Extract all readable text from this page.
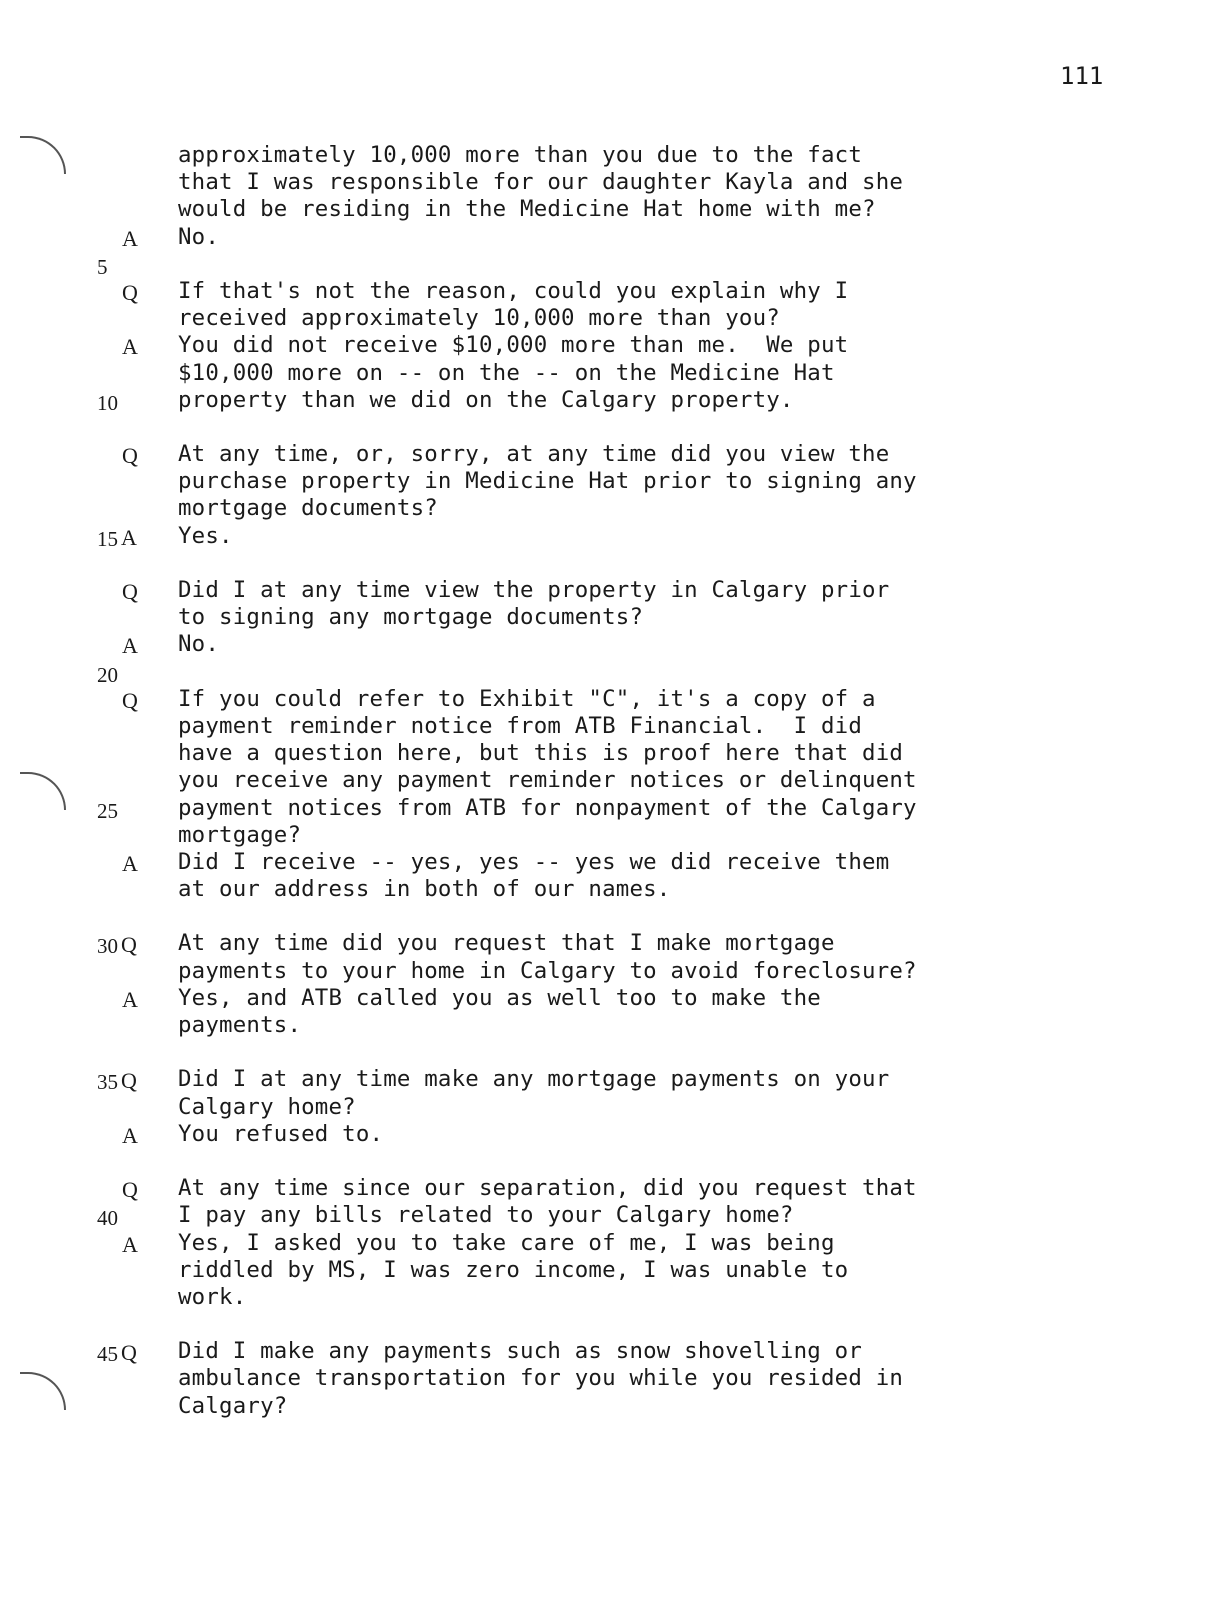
111
approximately 10,000 more than you due to the fact
that I was responsible for our daughter Kayla and she
would be residing in the Medicine Hat home with me?
A No.
5
Q If that's not the reason, could you explain why I
received approximately 10,000 more than you?
A You did not receive $10,000 more than me.  We put
$10,000 more on -- on the -- on the Medicine Hat
10	property than we did on the Calgary property.
Q At any time, or, sorry, at any time did you view the
purchase property in Medicine Hat prior to signing any
mortgage documents?
15 A	Yes.
Q Did I at any time view the property in Calgary prior
to signing any mortgage documents?
A No.
20
Q If you could refer to Exhibit "C", it's a copy of a
payment reminder notice from ATB Financial.  I did
have a question here, but this is proof here that did
you receive any payment reminder notices or delinquent
25	payment notices from ATB for nonpayment of the Calgary
mortgage?
A Did I receive -- yes, yes -- yes we did receive them
at our address in both of our names.
30 Q	At any time did you request that I make mortgage
payments to your home in Calgary to avoid foreclosure?
A Yes, and ATB called you as well too to make the
payments.
35 Q	Did I at any time make any mortgage payments on your
Calgary home?
A You refused to.
Q At any time since our separation, did you request that
40	I pay any bills related to your Calgary home?
A Yes, I asked you to take care of me, I was being
riddled by MS, I was zero income, I was unable to
work.
45 Q	Did I make any payments such as snow shovelling or
ambulance transportation for you while you resided in
Calgary?
